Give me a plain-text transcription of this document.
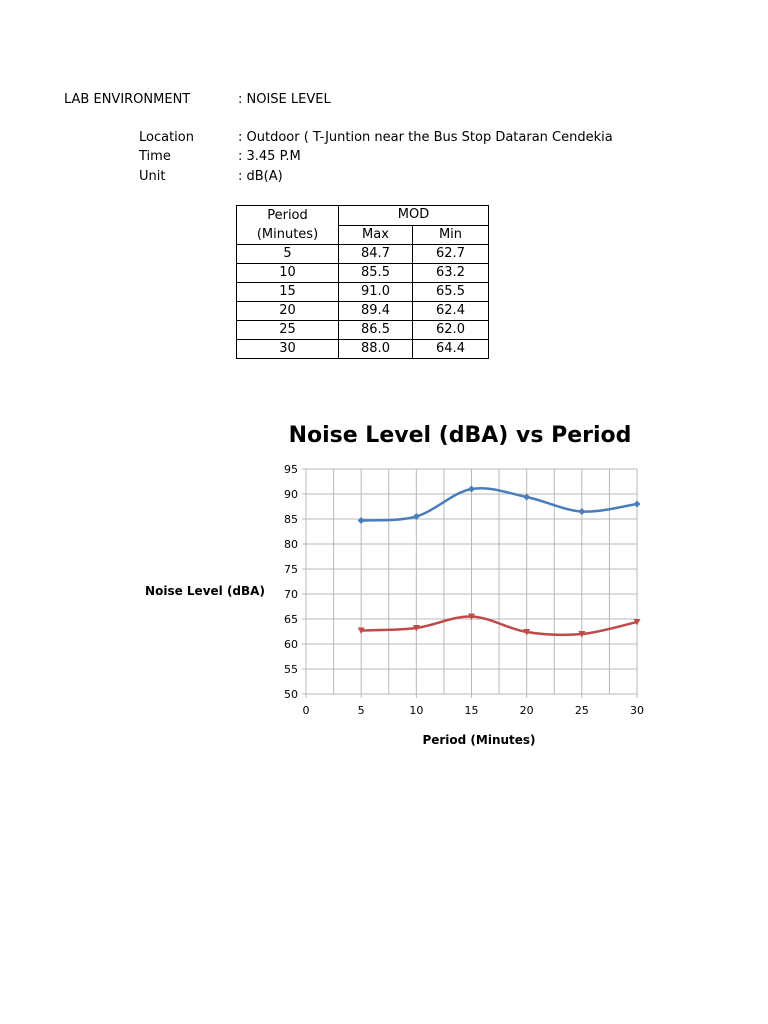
LAB ENVIRONMENT	: NOISE LEVEL
Location	: Outdoor ( T-Juntion near the Bus Stop Dataran Cendekia
Time	: 3.45 P.M
Unit	: dB(A)
Period
(Minutes)	MOD	
	Max	Min
5	84.7	62.7
10	85.5	63.2
15	91.0	65.5
20	89.4	62.4
25	86.5	62.0
30	88.0	64.4
Noise Level (dBA) vs Period
Noise Level (dBA)
Period (Minutes)
50
55
60
65
70
75
80
85
90
95
0	5	10	15	20	25	30
